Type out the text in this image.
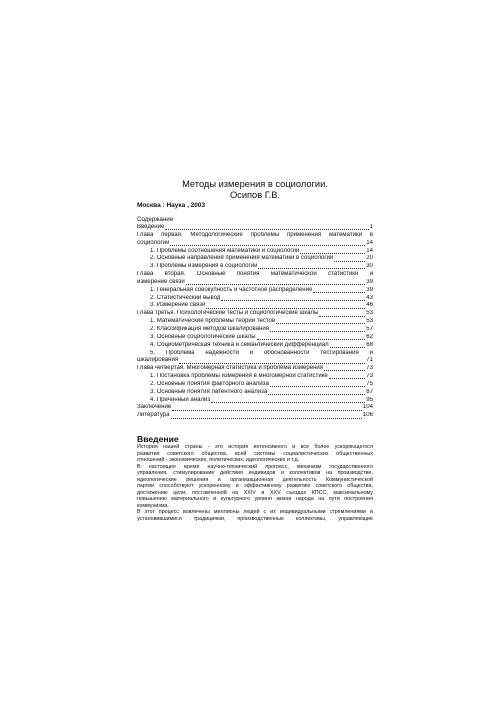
Методы измерения в социологии.
Осипов Г.В.
Москва : Наука , 2003
Содержание
Введение	1
Глава первая. Методологические проблемы применения математики в
социологии	14
1. Проблемы соотношения математики и социологии	14
2. Основные направления применения математики в социологии	20
3. Проблемы измерения в социологии	30
Глава вторая. Основные понятия математической статистики и
измерение связи	39
1. Генеральная совокупность и частотное распределение	39
2. Статистический вывод	43
3. Измерение связи	46
Глава третья. Психологические тесты и социологические шкалы	53
1. Математические проблемы теории тестов	53
2. Классификация методов шкалирования	57
3. Основные социологические шкалы	62
4. Социометрическая техника и семантический дифференциал	68
5. Проблема надежности и обоснованности тестирования и
шкалирования	71
Глава четвертая. Многомерная статистика и проблема измерения	73
1. Постановка проблемы измерения в многомерной статистике	73
2. Основные понятия факторного анализа	75
3. Основные понятия латентного анализа	87
4. Причинный анализ	95
Заключение	104
Литература	106
Введение
История нашей страны - это история интенсивного и все более ускоряющегося
развития советского общества, всей системы социалистических общественных
отношений - экономических, политических, идеологических и т.д.
В настоящее время научно-технический прогресс, механизм государственного
управления, стимулирование действия индивидов и коллективов на производстве,
идеологические решения и организационная деятельность Коммунистической
партии способствуют ускоренному и эффективному развитию советского общества,
достижению цели, поставленной на XXIV и XXV съездах КПСС, максимальному
повышению материального и культурного уровня жизни народа на пути построения
коммунизма.
В этот процесс вовлечены миллионы людей с их индивидуальными стремлениями и
установившимися традициями, производственные коллективы, управляющие
